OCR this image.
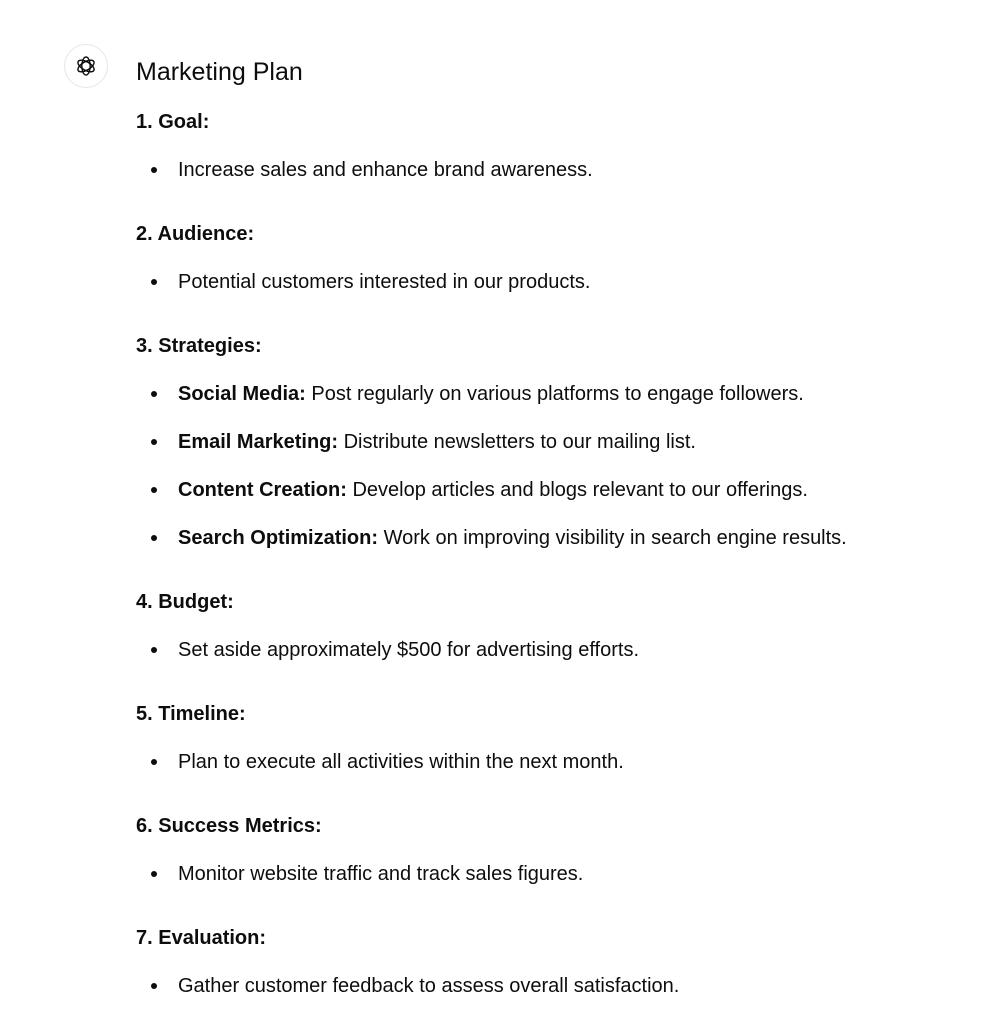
Marketing Plan
1. Goal:
Increase sales and enhance brand awareness.
2. Audience:
Potential customers interested in our products.
3. Strategies:
Social Media: Post regularly on various platforms to engage followers.
Email Marketing: Distribute newsletters to our mailing list.
Content Creation: Develop articles and blogs relevant to our offerings.
Search Optimization: Work on improving visibility in search engine results.
4. Budget:
Set aside approximately $500 for advertising efforts.
5. Timeline:
Plan to execute all activities within the next month.
6. Success Metrics:
Monitor website traffic and track sales figures.
7. Evaluation:
Gather customer feedback to assess overall satisfaction.
